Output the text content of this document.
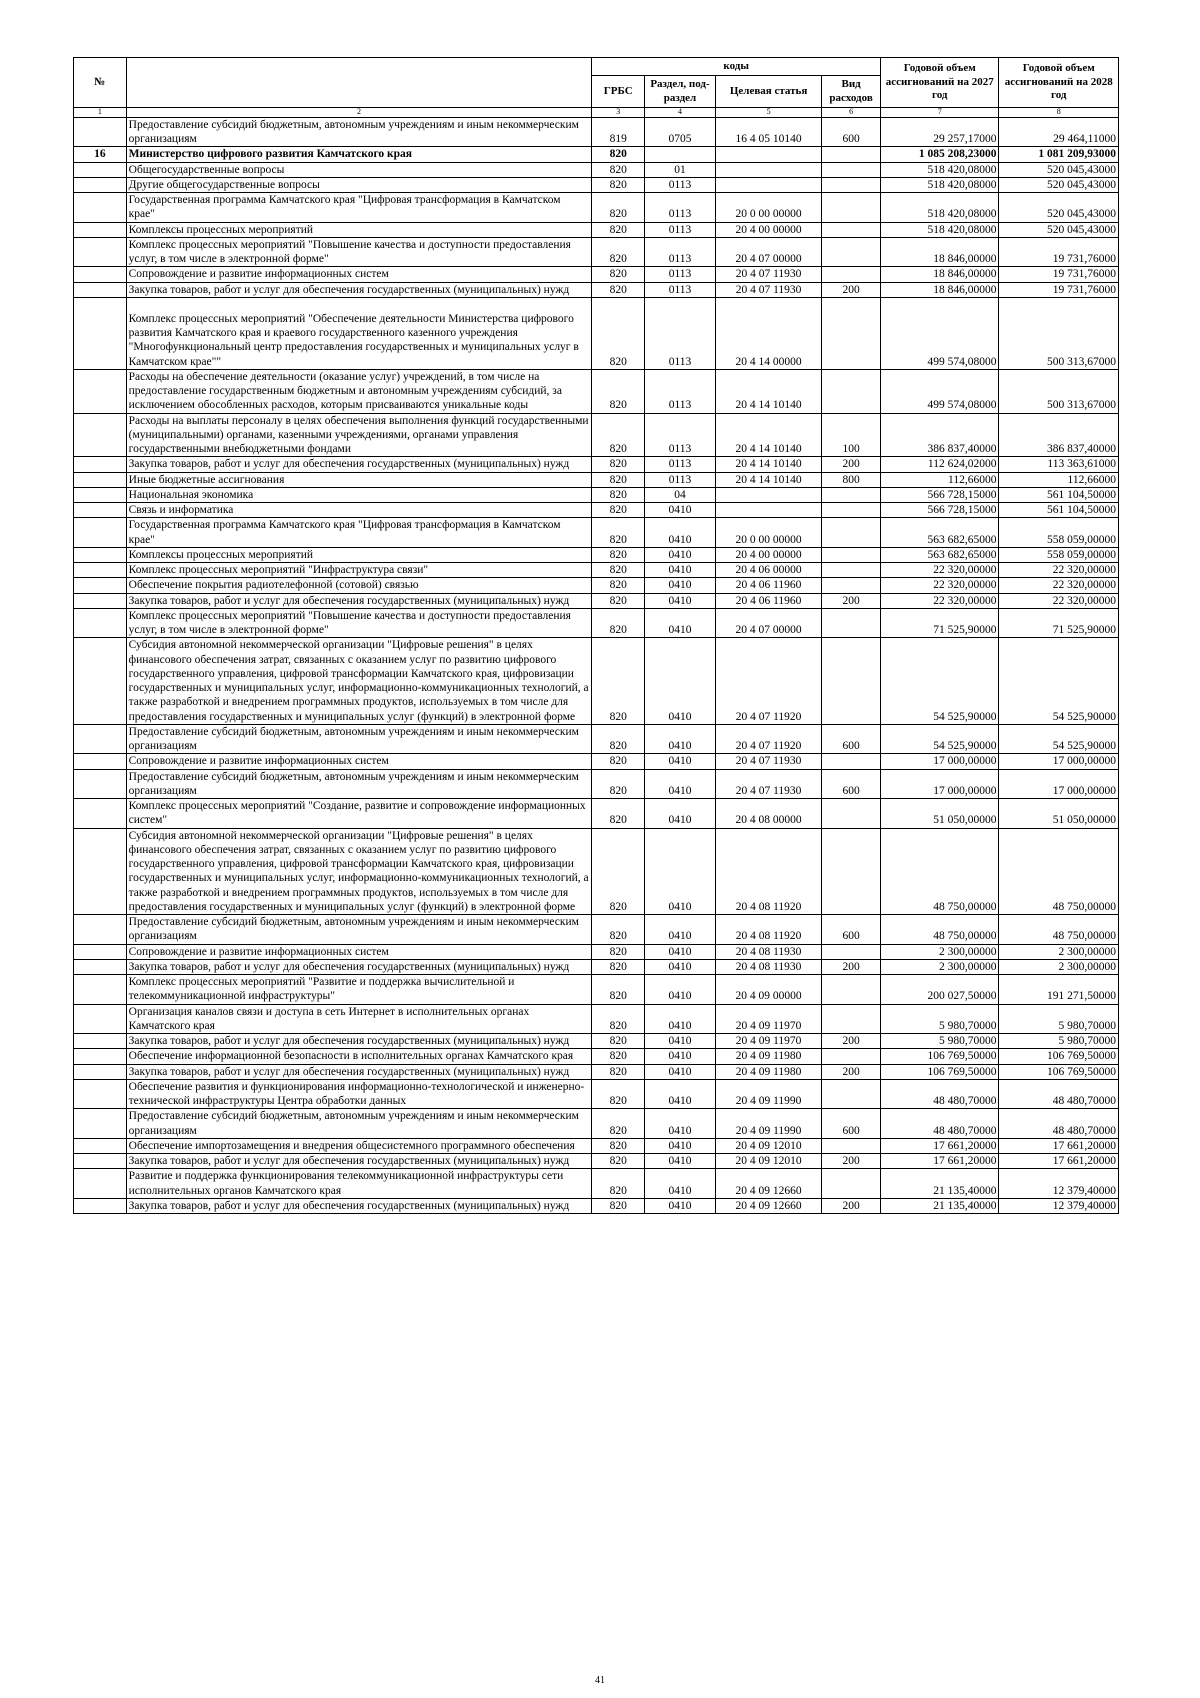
№		коды				Годовой объем ассигнований на 2027 год	Годовой объем ассигнований на 2028 год
		ГРБС	Раздел, под-раздел	Целевая статья	Вид расходов		
1	2	3	4	5	6	7	8
	Предоставление субсидий бюджетным, автономным учреждениям и иным некоммерческим организациям	819	0705	16 4 05 10140	600	29 257,17000	29 464,11000
16	Министерство цифрового развития Камчатского края	820				1 085 208,23000	1 081 209,93000
	Общегосударственные вопросы	820	01			518 420,08000	520 045,43000
	Другие общегосударственные вопросы	820	0113			518 420,08000	520 045,43000
	Государственная программа Камчатского края "Цифровая трансформация в Камчатском крае"	820	0113	20 0 00 00000		518 420,08000	520 045,43000
	Комплексы процессных мероприятий	820	0113	20 4 00 00000		518 420,08000	520 045,43000
	Комплекс процессных мероприятий "Повышение качества и доступности предоставления услуг, в том числе в электронной форме"	820	0113	20 4 07 00000		18 846,00000	19 731,76000
	Сопровождение и развитие информационных систем	820	0113	20 4 07 11930		18 846,00000	19 731,76000
	Закупка товаров, работ и услуг для обеспечения государственных (муниципальных) нужд	820	0113	20 4 07 11930	200	18 846,00000	19 731,76000
	Комплекс процессных мероприятий "Обеспечение деятельности Министерства цифрового развития Камчатского края и краевого государственного казенного учреждения "Многофункциональный центр предоставления государственных и муниципальных услуг в Камчатском крае""	820	0113	20 4 14 00000		499 574,08000	500 313,67000
	Расходы на обеспечение деятельности (оказание услуг) учреждений, в том числе на предоставление государственным бюджетным и автономным учреждениям субсидий, за исключением обособленных расходов, которым присваиваются уникальные коды	820	0113	20 4 14 10140		499 574,08000	500 313,67000
	Расходы на выплаты персоналу в целях обеспечения выполнения функций государственными (муниципальными) органами, казенными учреждениями, органами управления государственными внебюджетными фондами	820	0113	20 4 14 10140	100	386 837,40000	386 837,40000
	Закупка товаров, работ и услуг для обеспечения государственных (муниципальных) нужд	820	0113	20 4 14 10140	200	112 624,02000	113 363,61000
	Иные бюджетные ассигнования	820	0113	20 4 14 10140	800	112,66000	112,66000
	Национальная экономика	820	04			566 728,15000	561 104,50000
	Связь и информатика	820	0410			566 728,15000	561 104,50000
	Государственная программа Камчатского края "Цифровая трансформация в Камчатском крае"	820	0410	20 0 00 00000		563 682,65000	558 059,00000
	Комплексы процессных мероприятий	820	0410	20 4 00 00000		563 682,65000	558 059,00000
	Комплекс процессных мероприятий "Инфраструктура связи"	820	0410	20 4 06 00000		22 320,00000	22 320,00000
	Обеспечение покрытия радиотелефонной (сотовой) связью	820	0410	20 4 06 11960		22 320,00000	22 320,00000
	Закупка товаров, работ и услуг для обеспечения государственных (муниципальных) нужд	820	0410	20 4 06 11960	200	22 320,00000	22 320,00000
	Комплекс процессных мероприятий "Повышение качества и доступности предоставления услуг, в том числе в электронной форме"	820	0410	20 4 07 00000		71 525,90000	71 525,90000
	Субсидия автономной некоммерческой организации "Цифровые решения" в целях финансового обеспечения затрат, связанных с оказанием услуг по развитию цифрового государственного управления, цифровой трансформации Камчатского края, цифровизации государственных и муниципальных услуг, информационно-коммуникационных технологий, а также разработкой и внедрением программных продуктов, используемых в том числе для предоставления государственных и муниципальных услуг (функций) в электронной форме	820	0410	20 4 07 11920		54 525,90000	54 525,90000
	Предоставление субсидий бюджетным, автономным учреждениям и иным некоммерческим организациям	820	0410	20 4 07 11920	600	54 525,90000	54 525,90000
	Сопровождение и развитие информационных систем	820	0410	20 4 07 11930		17 000,00000	17 000,00000
	Предоставление субсидий бюджетным, автономным учреждениям и иным некоммерческим организациям	820	0410	20 4 07 11930	600	17 000,00000	17 000,00000
	Комплекс процессных мероприятий "Создание, развитие и сопровождение информационных систем"	820	0410	20 4 08 00000		51 050,00000	51 050,00000
	Субсидия автономной некоммерческой организации "Цифровые решения" в целях финансового обеспечения затрат, связанных с оказанием услуг по развитию цифрового государственного управления, цифровой трансформации Камчатского края, цифровизации государственных и муниципальных услуг, информационно-коммуникационных технологий, а также разработкой и внедрением программных продуктов, используемых в том числе для предоставления государственных и муниципальных услуг (функций) в электронной форме	820	0410	20 4 08 11920		48 750,00000	48 750,00000
	Предоставление субсидий бюджетным, автономным учреждениям и иным некоммерческим организациям	820	0410	20 4 08 11920	600	48 750,00000	48 750,00000
	Сопровождение и развитие информационных систем	820	0410	20 4 08 11930		2 300,00000	2 300,00000
	Закупка товаров, работ и услуг для обеспечения государственных (муниципальных) нужд	820	0410	20 4 08 11930	200	2 300,00000	2 300,00000
	Комплекс процессных мероприятий "Развитие и поддержка вычислительной и телекоммуникационной инфраструктуры"	820	0410	20 4 09 00000		200 027,50000	191 271,50000
	Организация каналов связи и доступа в сеть Интернет в исполнительных органах Камчатского края	820	0410	20 4 09 11970		5 980,70000	5 980,70000
	Закупка товаров, работ и услуг для обеспечения государственных (муниципальных) нужд	820	0410	20 4 09 11970	200	5 980,70000	5 980,70000
	Обеспечение информационной безопасности в исполнительных органах Камчатского края	820	0410	20 4 09 11980		106 769,50000	106 769,50000
	Закупка товаров, работ и услуг для обеспечения государственных (муниципальных) нужд	820	0410	20 4 09 11980	200	106 769,50000	106 769,50000
	Обеспечение развития и функционирования информационно-технологической и инженерно-технической инфраструктуры Центра обработки данных	820	0410	20 4 09 11990		48 480,70000	48 480,70000
	Предоставление субсидий бюджетным, автономным учреждениям и иным некоммерческим организациям	820	0410	20 4 09 11990	600	48 480,70000	48 480,70000
	Обеспечение импортозамещения и внедрения общесистемного программного обеспечения	820	0410	20 4 09 12010		17 661,20000	17 661,20000
	Закупка товаров, работ и услуг для обеспечения государственных (муниципальных) нужд	820	0410	20 4 09 12010	200	17 661,20000	17 661,20000
	Развитие и поддержка функционирования телекоммуникационной инфраструктуры сети исполнительных органов Камчатского края	820	0410	20 4 09 12660		21 135,40000	12 379,40000
	Закупка товаров, работ и услуг для обеспечения государственных (муниципальных) нужд	820	0410	20 4 09 12660	200	21 135,40000	12 379,40000
41
